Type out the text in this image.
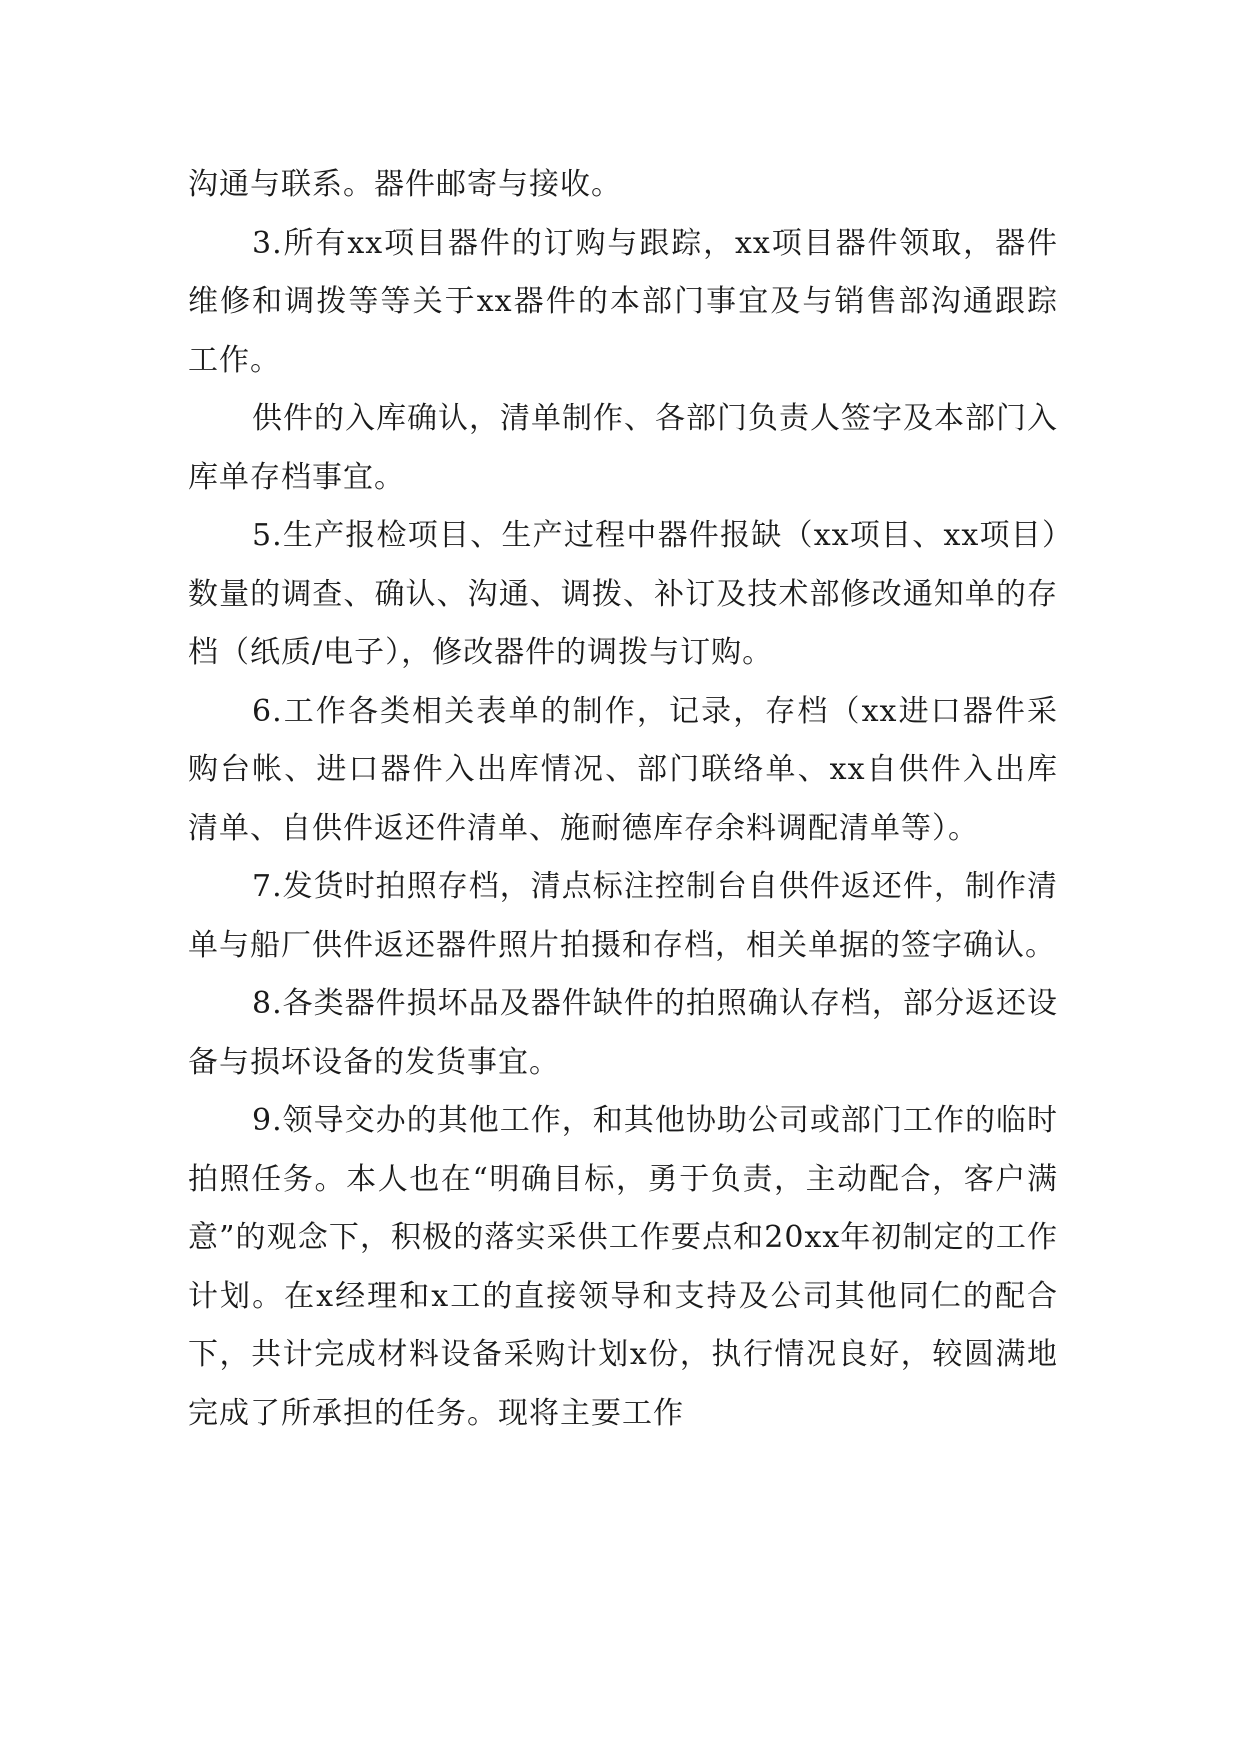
沟通与联系。器件邮寄与接收。

3.所有xx项目器件的订购与跟踪，xx项目器件领取，器件维修和调拨等等关于xx器件的本部门事宜及与销售部沟通跟踪工作。

供件的入库确认，清单制作、各部门负责人签字及本部门入库单存档事宜。

5.生产报检项目、生产过程中器件报缺（xx项目、xx项目）数量的调查、确认、沟通、调拨、补订及技术部修改通知单的存档（纸质/电子），修改器件的调拨与订购。

6.工作各类相关表单的制作，记录，存档（xx进口器件采购台帐、进口器件入出库情况、部门联络单、xx自供件入出库清单、自供件返还件清单、施耐德库存余料调配清单等）。

7.发货时拍照存档，清点标注控制台自供件返还件，制作清单与船厂供件返还器件照片拍摄和存档，相关单据的签字确认。

8.各类器件损坏品及器件缺件的拍照确认存档，部分返还设备与损坏设备的发货事宜。

9.领导交办的其他工作，和其他协助公司或部门工作的临时拍照任务。本人也在“明确目标，勇于负责，主动配合，客户满意”的观念下，积极的落实采供工作要点和20xx年初制定的工作计划。在x经理和x工的直接领导和支持及公司其他同仁的配合下，共计完成材料设备采购计划x份，执行情况良好，较圆满地完成了所承担的任务。现将主要工作
